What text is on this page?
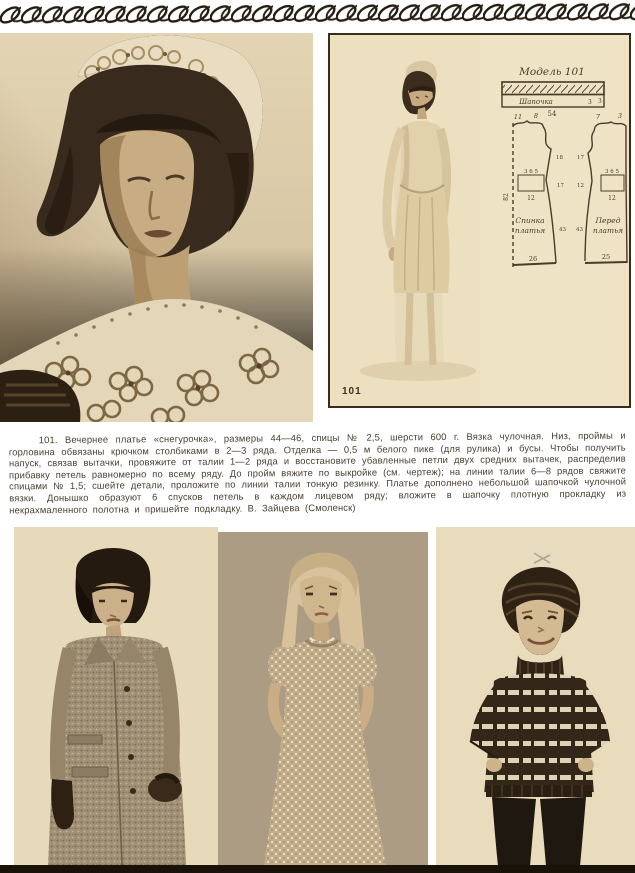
Модель 101
Шапочка	3 3
54
3 6 5
12
11 8
26
18
17
43
82
Спинка
платья
3 6 5
12
7	3
25
17
12
43
Перед
платья
101
101. Вечернее платье «снегурочка», размеры 44—46, спицы № 2,5, шерсти 600 г. Вязка чулочная. Низ, проймы и горловина обвязаны крючком столбиками в 2—3 ряда. Отделка — 0,5 м белого пике (для рулика) и бусы. Чтобы получить напуск, связав вытачки, провяжите от талии 1—2 ряда и восстановите убавленные петли двух средних вытачек, распределив прибавку петель равномерно по всему ряду. До пройм вяжите по выкройке (см. чертеж); на линии талии 6—8 рядов свяжите спицами № 1,5; сшейте детали, проложите по линии талии тонкую резинку. Платье дополнено небольшой шапочкой чулочной вязки. Донышко образуют 6 спусков петель в каждом лицевом ряду; вложите в шапочку плотную прокладку из некрахмаленного полотна и пришейте подкладку. В. Зайцева (Смоленск)
